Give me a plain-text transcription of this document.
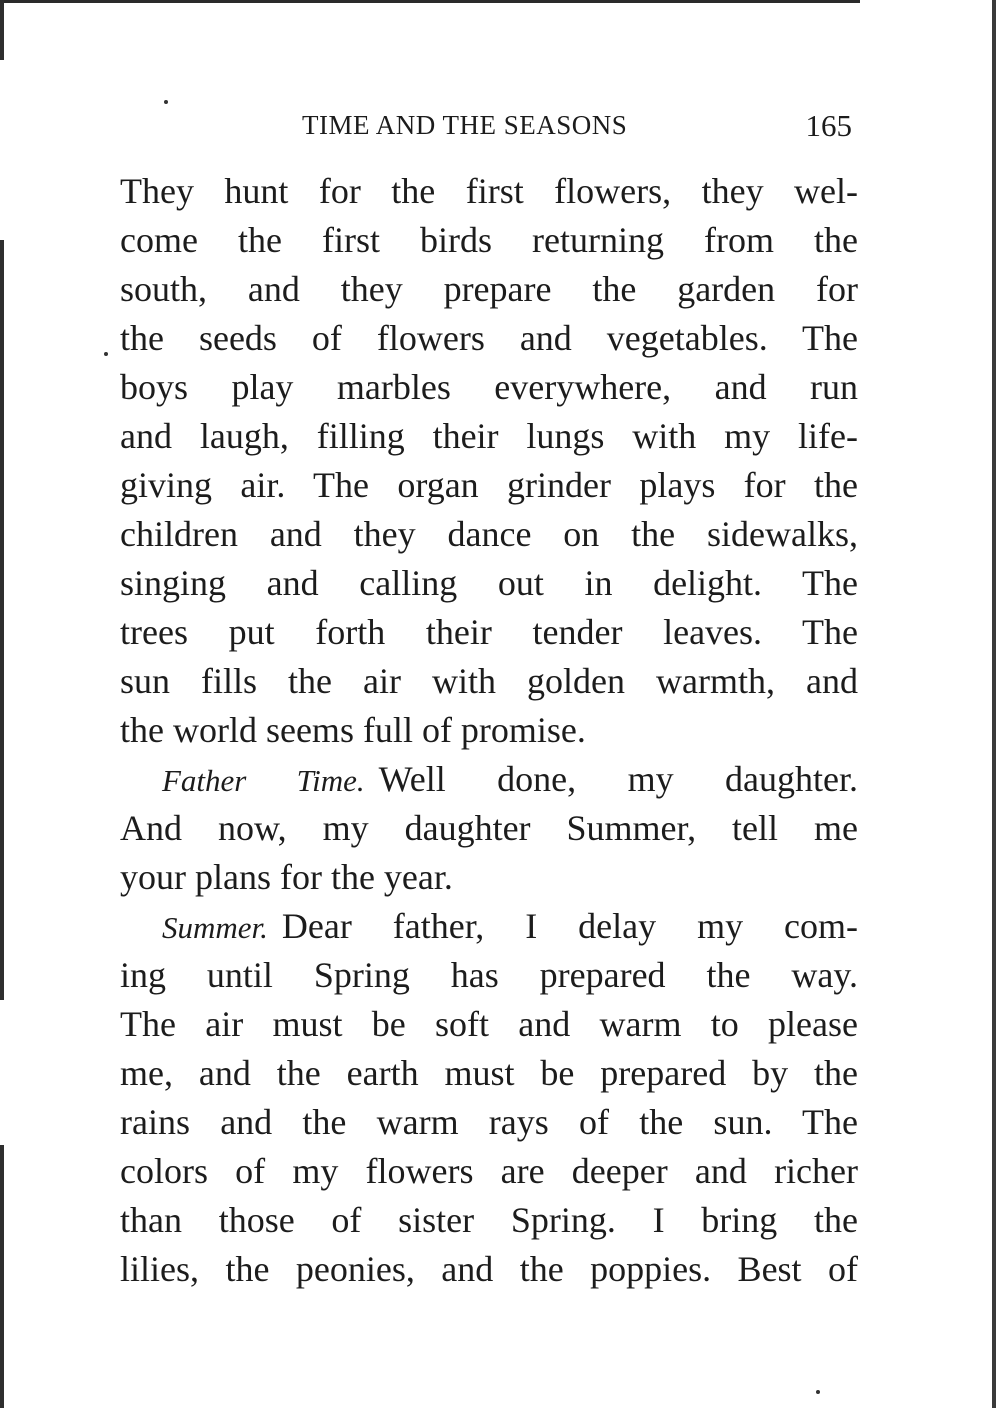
TIME AND THE SEASONS	165
They hunt for the first flowers, they wel-
come the first birds returning from the
south, and they prepare the garden for
the seeds of flowers and vegetables. The
boys play marbles everywhere, and run
and laugh, filling their lungs with my life-
giving air. The organ grinder plays for the
children and they dance on the sidewalks,
singing and calling out in delight. The
trees put forth their tender leaves. The
sun fills the air with golden warmth, and
the world seems full of promise.
Father Time. Well done, my daughter.
And now, my daughter Summer, tell me
your plans for the year.
Summer. Dear father, I delay my com-
ing until Spring has prepared the way.
The air must be soft and warm to please
me, and the earth must be prepared by the
rains and the warm rays of the sun. The
colors of my flowers are deeper and richer
than those of sister Spring. I bring the
lilies, the peonies, and the poppies. Best of
